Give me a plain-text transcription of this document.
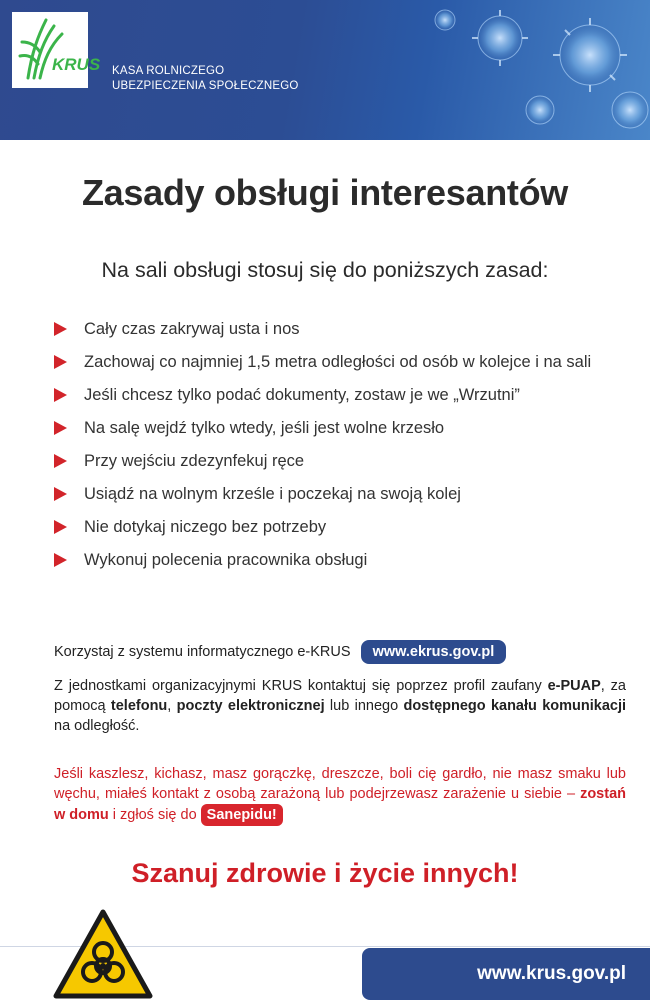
KRUS KASA ROLNICZEGO
UBEZPIECZENIA SPOŁECZNEGO
Zasady obsługi interesantów
Na sali obsługi stosuj się do poniższych zasad:
Cały czas zakrywaj usta i nos
Zachowaj co najmniej 1,5 metra odległości od osób w kolejce i na sali
Jeśli chcesz tylko podać dokumenty, zostaw je we „Wrzutni”
Na salę wejdź tylko wtedy, jeśli jest wolne krzesło
Przy wejściu zdezynfekuj ręce
Usiądź na wolnym krześle i poczekaj na swoją kolej
Nie dotykaj niczego bez potrzeby
Wykonuj polecenia pracownika obsługi
Korzystaj z systemu informatycznego e-KRUS www.ekrus.gov.pl
Z jednostkami organizacyjnymi KRUS kontaktuj się poprzez profil zaufany e-PUAP, za pomocą telefonu, poczty elektronicznej lub innego dostępnego kanału komunikacji na odległość.
Jeśli kaszlesz, kichasz, masz gorączkę, dreszcze, boli cię gardło, nie masz smaku lub węchu, miałeś kontakt z osobą zarażoną lub podejrzewasz zarażenie u siebie – zostań w domu i zgłoś się do Sanepidu!
Szanuj zdrowie i życie innych!
www.krus.gov.pl
